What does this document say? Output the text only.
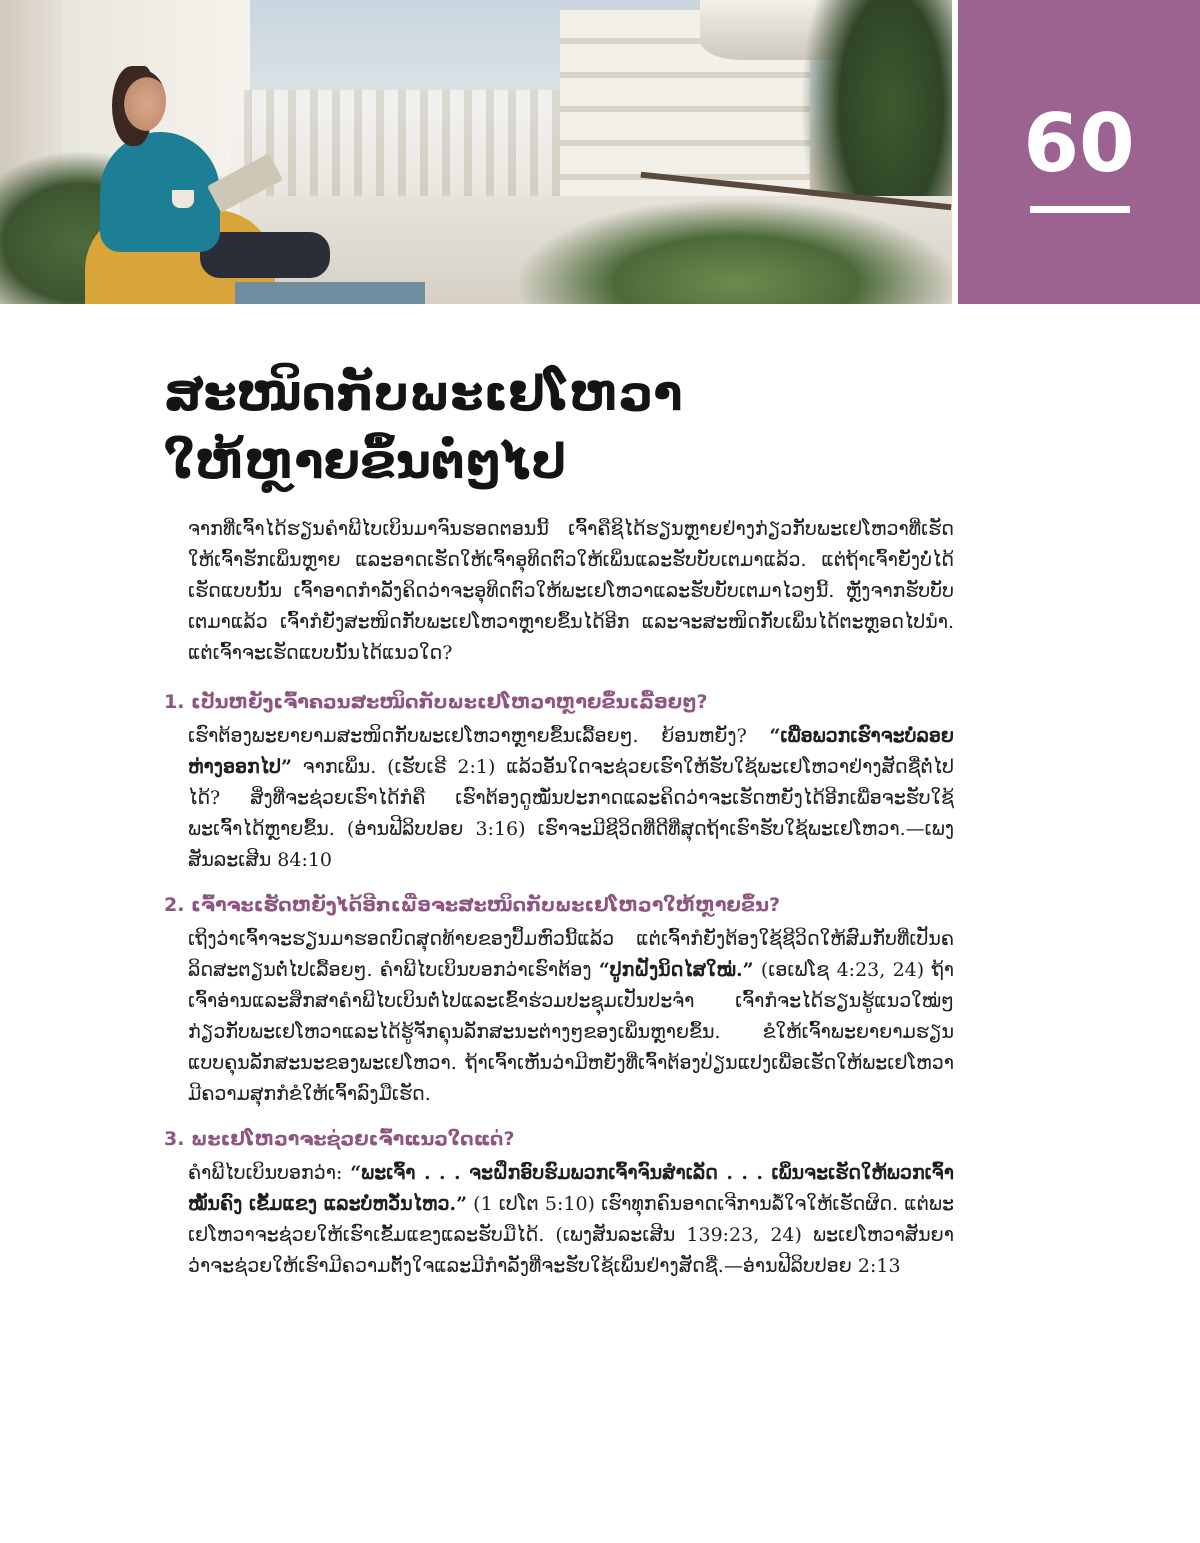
60
ສະໜິດກັບພະເຢໂຫວາ
ໃຫ້ຫຼາຍຂຶ້ນຕໍ່ໆໄປ

ຈາກທີ່ເຈົ້າໄດ້ຮຽນຄຳພີໄບເບິນມາຈົນຮອດຕອນນີ້ ເຈົ້າຄືຊິໄດ້ຮຽນຫຼາຍຢ່າງກ່ຽວກັບພະເຢໂຫວາທີ່ເຮັດໃຫ້ເຈົ້າຮັກເພິ່ນຫຼາຍ ແລະອາດເຮັດໃຫ້ເຈົ້າອຸທິດຕົວໃຫ້ເພິ່ນແລະຮັບບັບເຕມາແລ້ວ. ແຕ່ຖ້າເຈົ້າຍັງບໍ່ໄດ້ເຮັດແບບນັ້ນ ເຈົ້າອາດກຳລັງຄິດວ່າຈະອຸທິດຕົວໃຫ້ພະເຢໂຫວາແລະຮັບບັບເຕມາໄວໆນີ້. ຫຼັງຈາກຮັບບັບເຕມາແລ້ວ ເຈົ້າກໍຍັງສະໜິດກັບພະເຢໂຫວາຫຼາຍຂຶ້ນໄດ້ອີກ ແລະຈະສະໜິດກັບເພິ່ນໄດ້ຕະຫຼອດໄປນຳ. ແຕ່ເຈົ້າຈະເຮັດແບບນັ້ນໄດ້ແນວໃດ?

1. ເປັນຫຍັງເຈົ້າຄວນສະໜິດກັບພະເຢໂຫວາຫຼາຍຂຶ້ນເລື້ອຍໆ?

ເຮົາຕ້ອງພະຍາຍາມສະໜິດກັບພະເຢໂຫວາຫຼາຍຂຶ້ນເລື້ອຍໆ. ຍ້ອນຫຍັງ? “ເພື່ອພວກເຮົາຈະບໍ່ລອຍຫ່າງອອກໄປ” ຈາກເພິ່ນ. (ເຮັບເຣີ 2:1) ແລ້ວອັນໃດຈະຊ່ວຍເຮົາໃຫ້ຮັບໃຊ້ພະເຢໂຫວາຢ່າງສັດຊື່ຕໍ່ໄປໄດ້? ສິ່ງທີ່ຈະຊ່ວຍເຮົາໄດ້ກໍຄື ເຮົາຕ້ອງດູໝັ່ນປະກາດແລະຄິດວ່າຈະເຮັດຫຍັງໄດ້ອີກເພື່ອຈະຮັບໃຊ້ພະເຈົ້າໄດ້ຫຼາຍຂຶ້ນ. (ອ່ານຟີລິບປອຍ 3:16) ເຮົາຈະມີຊີວິດທີ່ດີທີ່ສຸດຖ້າເຮົາຮັບໃຊ້ພະເຢໂຫວາ.—ເພງສັນລະເສີນ 84:10

2. ເຈົ້າຈະເຮັດຫຍັງໄດ້ອີກເພື່ອຈະສະໜິດກັບພະເຢໂຫວາໃຫ້ຫຼາຍຂຶ້ນ?

ເຖິງວ່າເຈົ້າຈະຮຽນມາຮອດບົດສຸດທ້າຍຂອງປຶ້ມຫົວນີ້ແລ້ວ ແຕ່ເຈົ້າກໍຍັງຕ້ອງໃຊ້ຊີວິດໃຫ້ສົມກັບທີ່ເປັນຄລິດສະຕຽນຕໍ່ໄປເລື້ອຍໆ. ຄຳພີໄບເບິນບອກວ່າເຮົາຕ້ອງ “ປູກຝັງນິດໄສໃໝ່.” (ເອເຟໂຊ 4:23, 24) ຖ້າເຈົ້າອ່ານແລະສຶກສາຄຳພີໄບເບິນຕໍ່ໄປແລະເຂົ້າຮ່ວມປະຊຸມເປັນປະຈຳ ເຈົ້າກໍຈະໄດ້ຮຽນຮູ້ແນວໃໝ່ໆກ່ຽວກັບພະເຢໂຫວາແລະໄດ້ຮູ້ຈັກຄຸນລັກສະນະຕ່າງໆຂອງເພິ່ນຫຼາຍຂຶ້ນ. ຂໍໃຫ້ເຈົ້າພະຍາຍາມຮຽນແບບຄຸນລັກສະນະຂອງພະເຢໂຫວາ. ຖ້າເຈົ້າເຫັນວ່າມີຫຍັງທີ່ເຈົ້າຕ້ອງປ່ຽນແປງເພື່ອເຮັດໃຫ້ພະເຢໂຫວາມີຄວາມສຸກກໍຂໍໃຫ້ເຈົ້າລົງມືເຮັດ.

3. ພະເຢໂຫວາຈະຊ່ວຍເຈົ້າແນວໃດແດ່?

ຄຳພີໄບເບິນບອກວ່າ: “ພະເຈົ້າ . . . ຈະຝຶກອົບຮົມພວກເຈົ້າຈົນສຳເລັດ . . . ເພິ່ນຈະເຮັດໃຫ້ພວກເຈົ້າໝັ້ນຄົງ ເຂັ້ມແຂງ ແລະບໍ່ຫວັ່ນໄຫວ.” (1 ເປໂຕ 5:10) ເຮົາທຸກຄົນອາດເຈີການລໍ້ໃຈໃຫ້ເຮັດຜິດ. ແຕ່ພະເຢໂຫວາຈະຊ່ວຍໃຫ້ເຮົາເຂັ້ມແຂງແລະຮັບມືໄດ້. (ເພງສັນລະເສີນ 139:23, 24) ພະເຢໂຫວາສັນຍາວ່າຈະຊ່ວຍໃຫ້ເຮົາມີຄວາມຕັ້ງໃຈແລະມີກຳລັງທີ່ຈະຮັບໃຊ້ເພິ່ນຢ່າງສັດຊື່.—ອ່ານຟີລິບປອຍ 2:13
